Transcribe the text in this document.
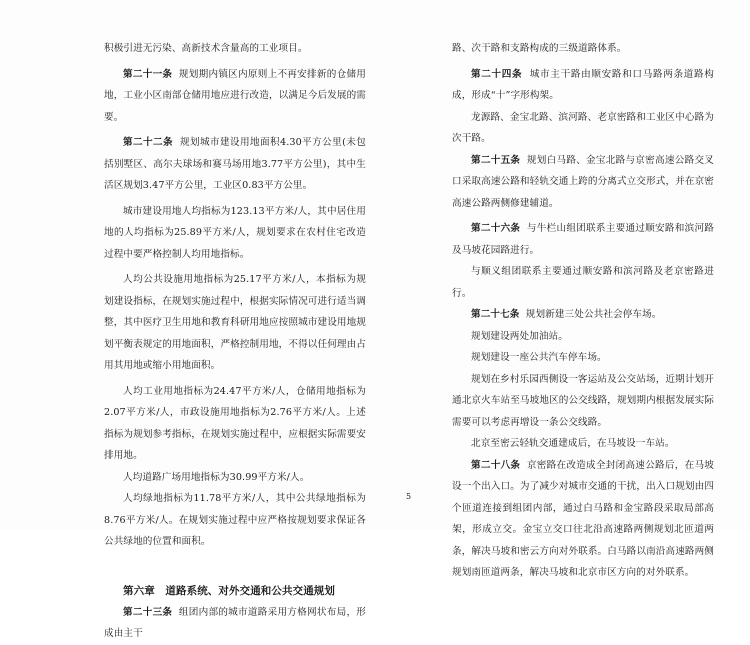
积极引进无污染、高新技术含量高的工业项目。

第二十一条 规划期内镇区内原则上不再安排新的仓储用地，工业小区南部仓储用地应进行改造，以满足今后发展的需要。

第二十二条 规划城市建设用地面积4.30平方公里(未包括别墅区、高尔夫球场和赛马场用地3.77平方公里)，其中生活区规划3.47平方公里，工业区0.83平方公里。

城市建设用地人均指标为123.13平方米/人，其中居住用地的人均指标为25.89平方米/人，规划要求在农村住宅改造过程中要严格控制人均用地指标。

人均公共设施用地指标为25.17平方米/人，本指标为规划建设指标，在规划实施过程中，根据实际情况可进行适当调整，其中医疗卫生用地和教育科研用地应按照城市建设用地规划平衡表规定的用地面积，严格控制用地，不得以任何理由占用其用地或缩小用地面积。

人均工业用地指标为24.47平方米/人，仓储用地指标为2.07平方米/人，市政设施用地指标为2.76平方米/人。上述指标为规划参考指标，在规划实施过程中，应根据实际需要安排用地。

人均道路广场用地指标为30.99平方米/人。

人均绿地指标为11.78平方米/人，其中公共绿地指标为8.76平方米/人。在规划实施过程中应严格按规划要求保证各公共绿地的位置和面积。

第六章　道路系统、对外交通和公共交通规划

第二十三条 组团内部的城市道路采用方格网状布局，形成由主干

路、次干路和支路构成的三级道路体系。

第二十四条 城市主干路由顺安路和口马路两条道路构成，形成“十”字形构架。

龙源路、金宝北路、滨河路、老京密路和工业区中心路为次干路。

第二十五条 规划白马路、金宝北路与京密高速公路交叉口采取高速公路和轻轨交通上跨的分离式立交形式，并在京密高速公路两侧修建辅道。

第二十六条 与牛栏山组团联系主要通过顺安路和滨河路及马坡花园路进行。

与顺义组团联系主要通过顺安路和滨河路及老京密路进行。

第二十七条 规划新建三处公共社会停车场。

规划建设两处加油站。

规划建设一座公共汽车停车场。

规划在乡村乐园西侧设一客运站及公交站场，近期计划开通北京火车站至马坡地区的公交线路，规划期内根据发展实际需要可以考虑再增设一条公交线路。

北京至密云轻轨交通建成后，在马坡设一车站。

第二十八条 京密路在改造成全封闭高速公路后，在马坡设一个出入口。为了减少对城市交通的干扰，出入口规划由四个匝道连接到组团内部，通过白马路和金宝路段采取局部高架，形成立交。金宝立交口往北沿高速路两侧规划北匝道两条，解决马坡和密云方向对外联系。白马路以南沿高速路两侧规划南匝道两条，解决马坡和北京市区方向的对外联系。

5
